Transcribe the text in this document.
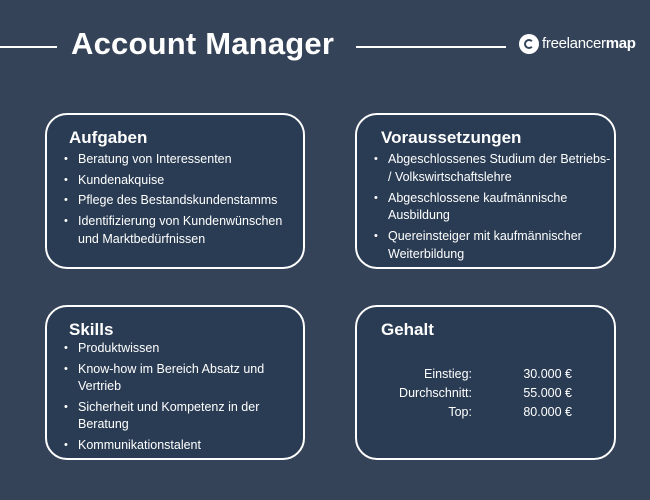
Account Manager	freelancermap
Aufgaben
• Beratung von Interessenten
• Kundenakquise
• Pflege des Bestandskundenstamms
• Identifizierung von Kundenwünschen und Marktbedürfnissen
Voraussetzungen
• Abgeschlossenes Studium der Betriebs- / Volkswirtschaftslehre
• Abgeschlossene kaufmännische Ausbildung
• Quereinsteiger mit kaufmännischer Weiterbildung
Skills
• Produktwissen
• Know-how im Bereich Absatz und Vertrieb
• Sicherheit und Kompetenz in der Beratung
• Kommunikationstalent
Gehalt
Einstieg:	30.000 €
Durchschnitt:	55.000 €
Top:	80.000 €
